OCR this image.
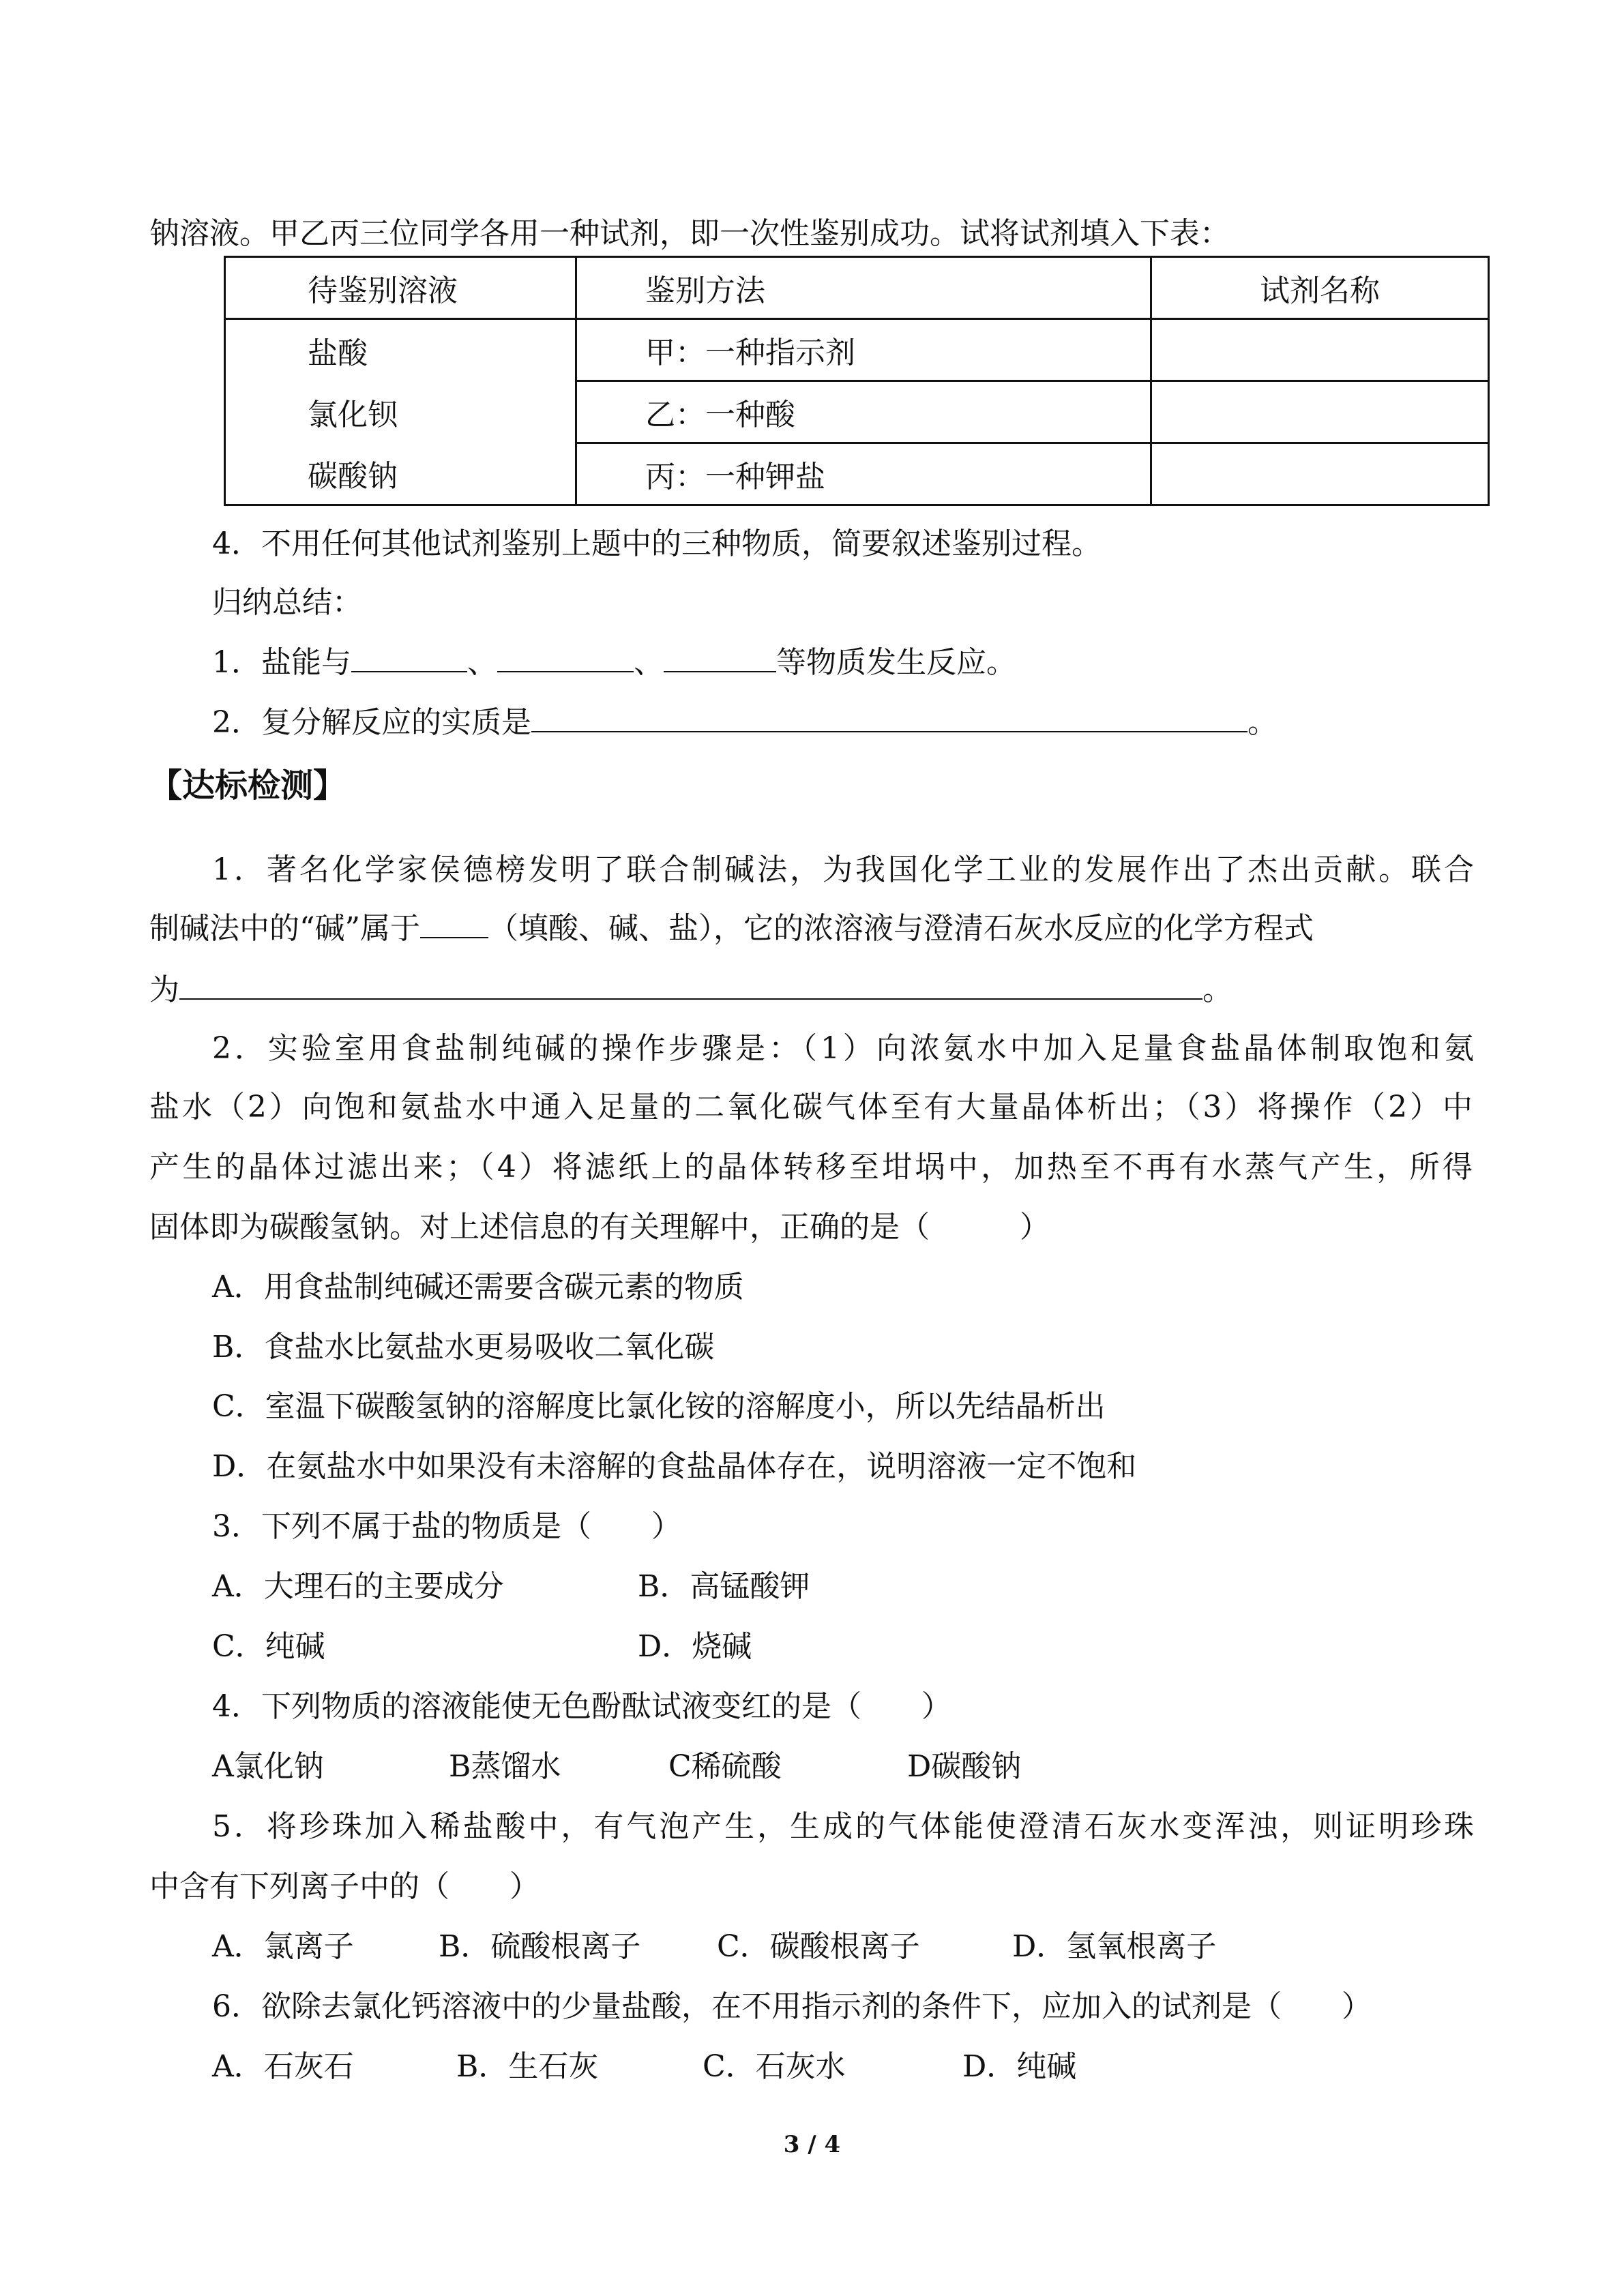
钠溶液。甲乙丙三位同学各用一种试剂，即一次性鉴别成功。试将试剂填入下表：
待鉴别溶液	鉴别方法	试剂名称
盐酸	甲：一种指示剂	
氯化钡	乙：一种酸	
碳酸钠	丙：一种钾盐	
4．不用任何其他试剂鉴别上题中的三种物质，简要叙述鉴别过程。
归纳总结：
1．盐能与	、	、	等物质发生反应。
2．复分解反应的实质是	。
【达标检测】
1．著名化学家侯德榜发明了联合制碱法，为我国化学工业的发展作出了杰出贡献。联合
制碱法中的“碱”属于 （填酸、碱、盐），它的浓溶液与澄清石灰水反应的化学方程式
为	。
2．实验室用食盐制纯碱的操作步骤是：（1）向浓氨水中加入足量食盐晶体制取饱和氨
盐水（2）向饱和氨盐水中通入足量的二氧化碳气体至有大量晶体析出；（3）将操作（2）中
产生的晶体过滤出来；（4）将滤纸上的晶体转移至坩埚中，加热至不再有水蒸气产生，所得
固体即为碳酸氢钠。对上述信息的有关理解中，正确的是（　　　）
A．用食盐制纯碱还需要含碳元素的物质
B．食盐水比氨盐水更易吸收二氧化碳
C．室温下碳酸氢钠的溶解度比氯化铵的溶解度小，所以先结晶析出
D．在氨盐水中如果没有未溶解的食盐晶体存在，说明溶液一定不饱和
3．下列不属于盐的物质是（　　）
A．大理石的主要成分	B．高锰酸钾
C．纯碱	D．烧碱
4．下列物质的溶液能使无色酚酞试液变红的是（　　）
A氯化钠	B蒸馏水	C稀硫酸	D碳酸钠
5．将珍珠加入稀盐酸中，有气泡产生，生成的气体能使澄清石灰水变浑浊，则证明珍珠
中含有下列离子中的（　　）
A．氯离子	B．硫酸根离子	C．碳酸根离子	D．氢氧根离子
6．欲除去氯化钙溶液中的少量盐酸，在不用指示剂的条件下，应加入的试剂是（　　）
A．石灰石	B．生石灰	C．石灰水	D．纯碱
3 / 4
